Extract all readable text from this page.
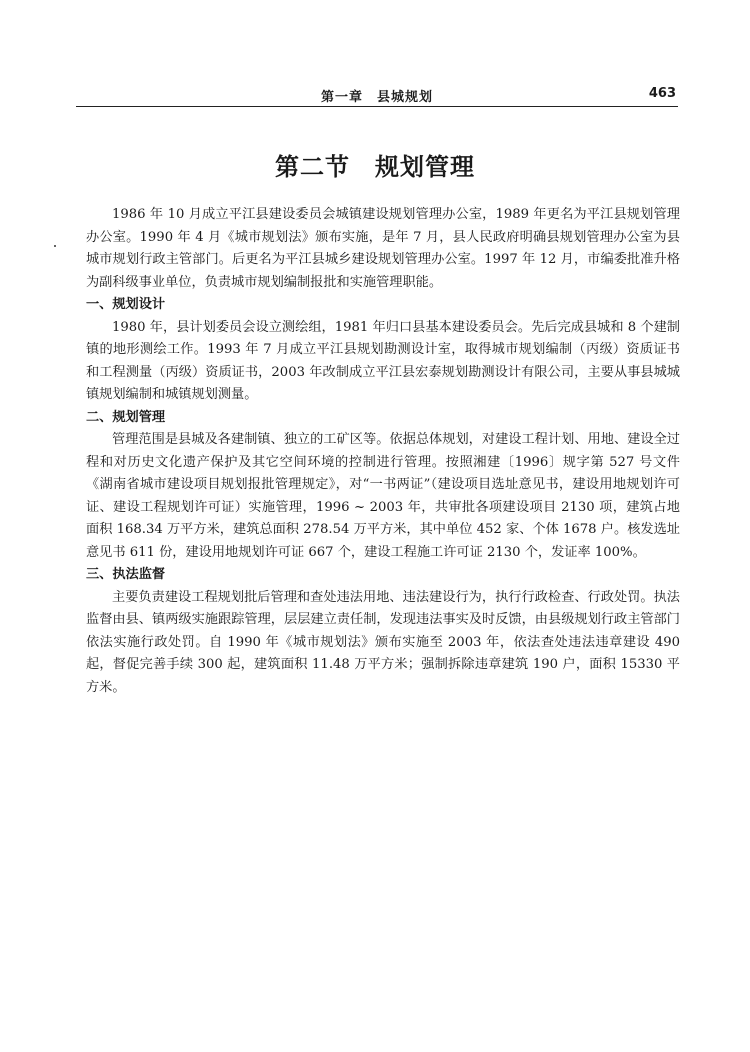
第一章　县城规划	463
第二节　规划管理

1986 年 10 月成立平江县建设委员会城镇建设规划管理办公室，1989 年更名为平江县规划管理办公室。1990 年 4 月《城市规划法》颁布实施，是年 7 月，县人民政府明确县规划管理办公室为县城市规划行政主管部门。后更名为平江县城乡建设规划管理办公室。1997 年 12 月，市编委批准升格为副科级事业单位，负责城市规划编制报批和实施管理职能。

一、规划设计

1980 年，县计划委员会设立测绘组，1981 年归口县基本建设委员会。先后完成县城和 8 个建制镇的地形测绘工作。1993 年 7 月成立平江县规划勘测设计室，取得城市规划编制（丙级）资质证书和工程测量（丙级）资质证书，2003 年改制成立平江县宏泰规划勘测设计有限公司，主要从事县城城镇规划编制和城镇规划测量。

二、规划管理

管理范围是县城及各建制镇、独立的工矿区等。依据总体规划，对建设工程计划、用地、建设全过程和对历史文化遗产保护及其它空间环境的控制进行管理。按照湘建〔1996〕规字第 527 号文件《湖南省城市建设项目规划报批管理规定》，对“一书两证”（建设项目选址意见书，建设用地规划许可证、建设工程规划许可证）实施管理，1996 ~ 2003 年，共审批各项建设项目 2130 项，建筑占地面积 168.34 万平方米，建筑总面积 278.54 万平方米，其中单位 452 家、个体 1678 户。核发选址意见书 611 份，建设用地规划许可证 667 个，建设工程施工许可证 2130 个，发证率 100%。

三、执法监督

主要负责建设工程规划批后管理和查处违法用地、违法建设行为，执行行政检查、行政处罚。执法监督由县、镇两级实施跟踪管理，层层建立责任制，发现违法事实及时反馈，由县级规划行政主管部门依法实施行政处罚。自 1990 年《城市规划法》颁布实施至 2003 年，依法查处违法违章建设 490 起，督促完善手续 300 起，建筑面积 11.48 万平方米；强制拆除违章建筑 190 户，面积 15330 平方米。
